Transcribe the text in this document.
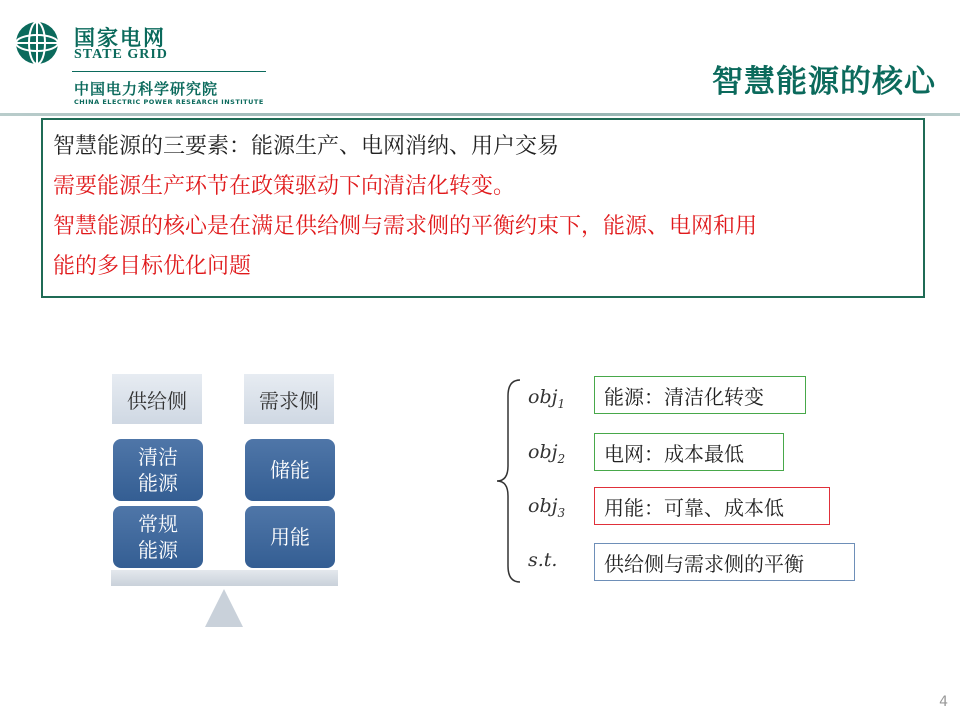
国家电网
STATE GRID
中国电力科学研究院
CHINA ELECTRIC POWER RESEARCH INSTITUTE
智慧能源的核心
智慧能源的三要素：能源生产、电网消纳、用户交易
需要能源生产环节在政策驱动下向清洁化转变。
智慧能源的核心是在满足供给侧与需求侧的平衡约束下，能源、电网和用
能的多目标优化问题
供给侧	需求侧
清洁
能源
常规
能源
储能
用能
obj$_1$
obj$_2$
obj$_3$
s.t.
能源：清洁化转变
电网：成本最低
用能：可靠、成本低
供给侧与需求侧的平衡
4
